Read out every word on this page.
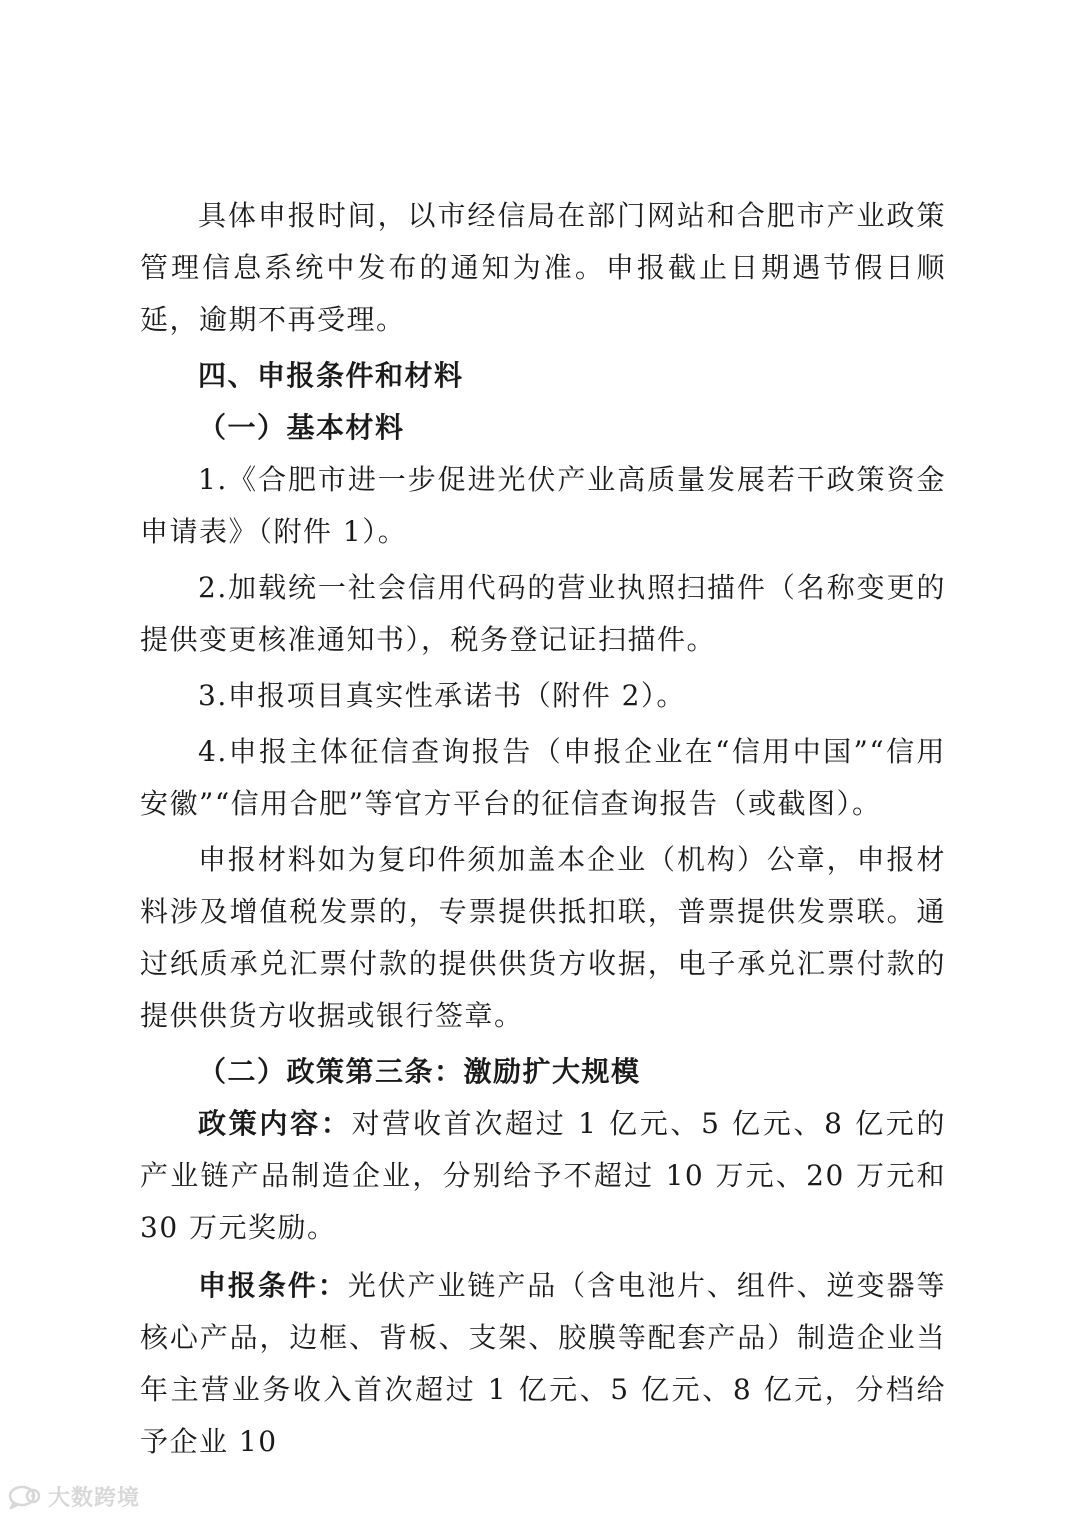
具体申报时间，以市经信局在部门网站和合肥市产业政策管理信息系统中发布的通知为准。申报截止日期遇节假日顺延，逾期不再受理。

四、申报条件和材料

（一）基本材料

1.《合肥市进一步促进光伏产业高质量发展若干政策资金申请表》（附件 1）。

2.加载统一社会信用代码的营业执照扫描件（名称变更的提供变更核准通知书），税务登记证扫描件。

3.申报项目真实性承诺书（附件 2）。

4.申报主体征信查询报告（申报企业在“信用中国”“信用安徽”“信用合肥”等官方平台的征信查询报告（或截图）。

申报材料如为复印件须加盖本企业（机构）公章，申报材料涉及增值税发票的，专票提供抵扣联，普票提供发票联。通过纸质承兑汇票付款的提供供货方收据，电子承兑汇票付款的提供供货方收据或银行签章。

（二）政策第三条：激励扩大规模

政策内容：对营收首次超过 1 亿元、5 亿元、8 亿元的产业链产品制造企业，分别给予不超过 10 万元、20 万元和 30 万元奖励。

申报条件：光伏产业链产品（含电池片、组件、逆变器等核心产品，边框、背板、支架、胶膜等配套产品）制造企业当年主营业务收入首次超过 1 亿元、5 亿元、8 亿元，分档给予企业 10

大数跨境
